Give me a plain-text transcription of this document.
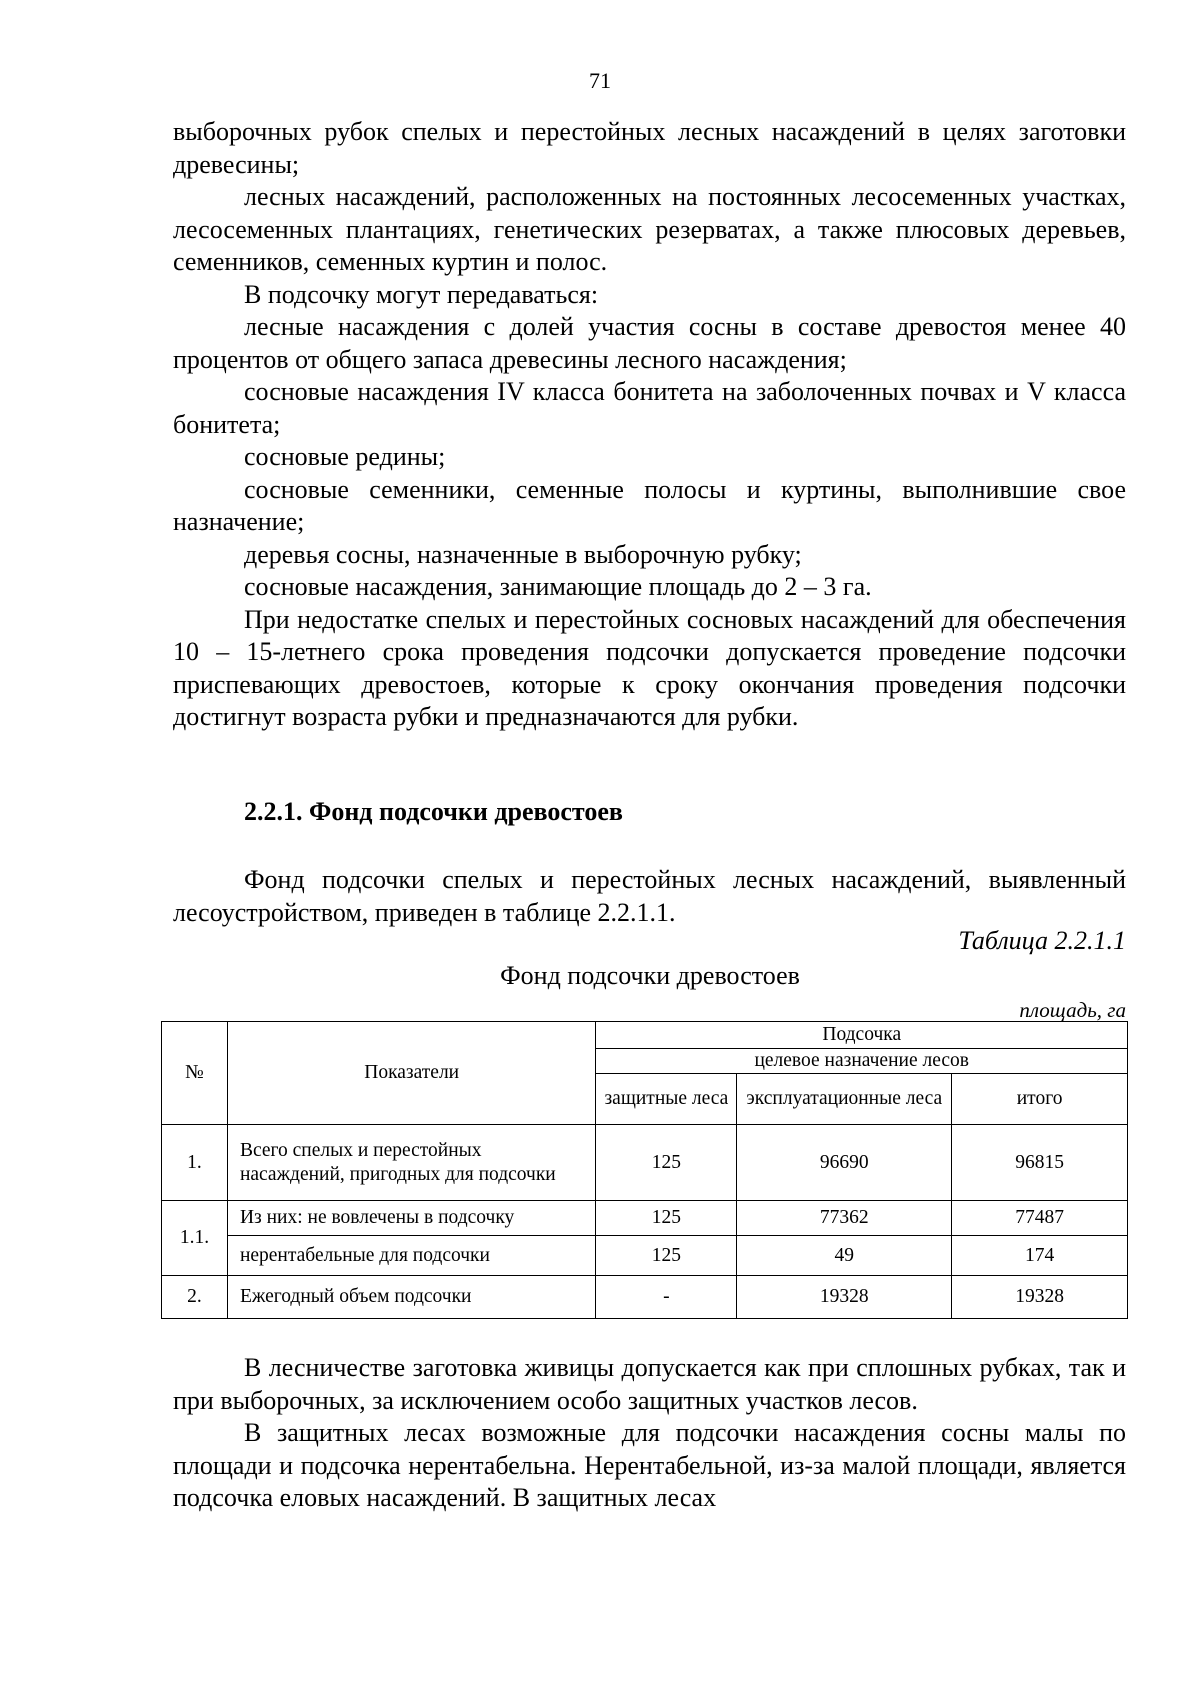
71

выборочных рубок спелых и перестойных лесных насаждений в целях заготовки древесины;

лесных насаждений, расположенных на постоянных лесосеменных участках, лесосеменных плантациях, генетических резерватах, а также плюсовых деревьев, семенников, семенных куртин и полос.

В подсочку могут передаваться:

лесные насаждения с долей участия сосны в составе древостоя менее 40 процентов от общего запаса древесины лесного насаждения;

сосновые насаждения IV класса бонитета на заболоченных почвах и V класса бонитета;

сосновые редины;

сосновые семенники, семенные полосы и куртины, выполнившие свое назначение;

деревья сосны, назначенные в выборочную рубку;

сосновые насаждения, занимающие площадь до 2 – 3 га.

При недостатке спелых и перестойных сосновых насаждений для обеспечения 10 – 15-летнего срока проведения подсочки допускается проведение подсочки приспевающих древостоев, которые к сроку окончания проведения подсочки достигнут возраста рубки и предназначаются для рубки.

2.2.1. Фонд подсочки древостоев

Фонд подсочки спелых и перестойных лесных насаждений, выявленный лесоустройством, приведен в таблице 2.2.1.1.

Таблица 2.2.1.1
Фонд подсочки древостоев
площадь, га
№	Показатели	Подсочка		
		целевое назначение лесов		
		защитные леса	эксплуатационные леса	итого
1.	Всего спелых и перестойных насаждений, пригодных для подсочки	125	96690	96815
1.1.	Из них: не вовлечены в подсочку	125	77362	77487
	нерентабельные для подсочки	125	49	174
2.	Ежегодный объем подсочки	-	19328	19328

В лесничестве заготовка живицы допускается как при сплошных рубках, так и при выборочных, за исключением особо защитных участков лесов.

В защитных лесах возможные для подсочки насаждения сосны малы по площади и подсочка нерентабельна. Нерентабельной, из-за малой площади, является подсочка еловых насаждений. В защитных лесах
